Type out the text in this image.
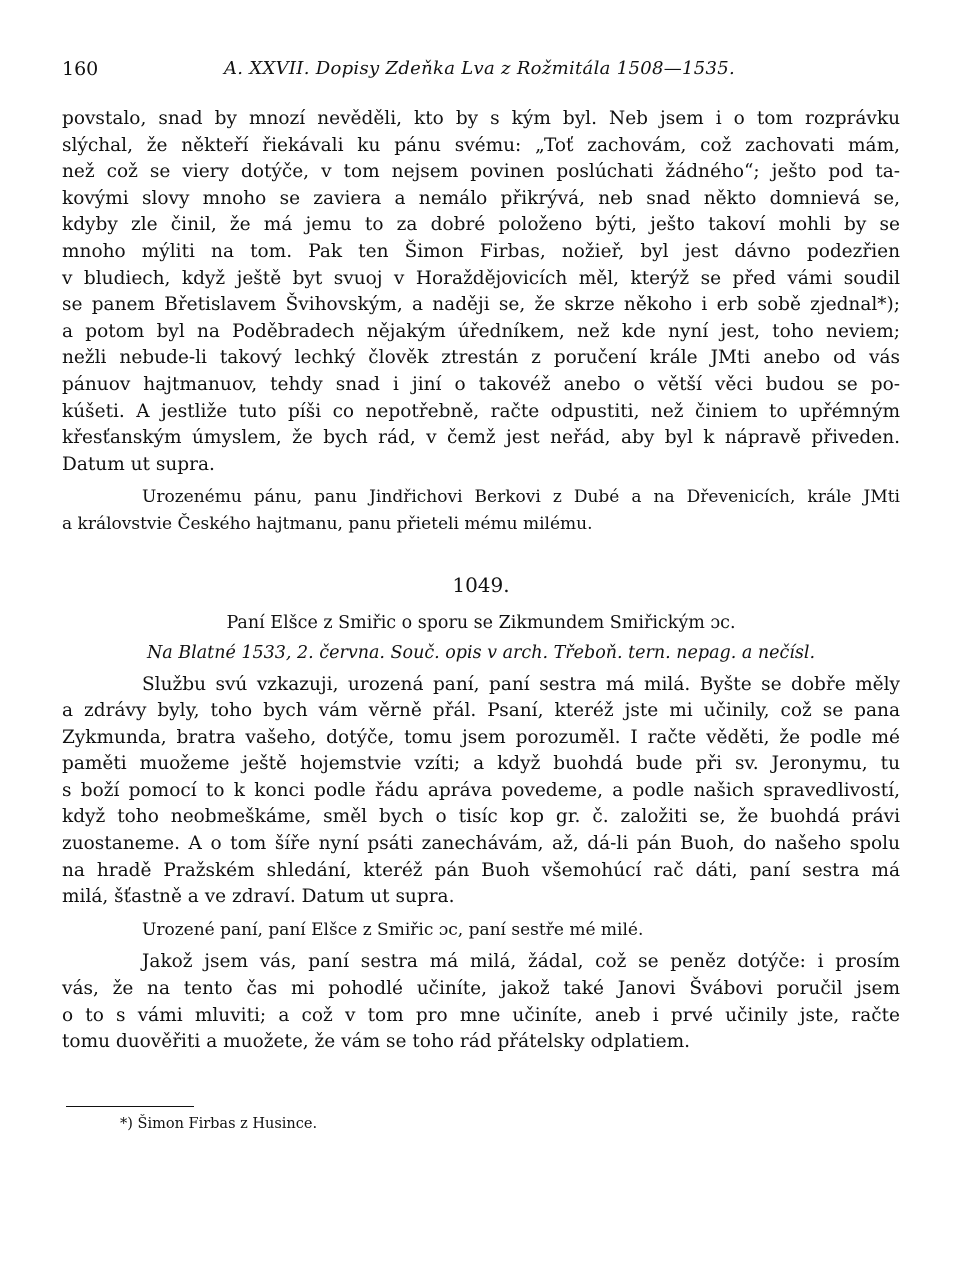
160	A. XXVII. Dopisy Zdeňka Lva z Rožmitála 1508—1535.
povstalo, snad by mnozí nevěděli, kto by s kým byl. Neb jsem i o tom rozprávku
slýchal, že někteří řiekávali ku pánu svému: „Toť zachovám, což zachovati mám,
než což se viery dotýče, v tom nejsem povinen poslúchati žádného“; ješto pod ta-
kovými slovy mnoho se zaviera a nemálo přikrývá, neb snad někto domnievá se,
kdyby zle činil, že má jemu to za dobré položeno býti, ješto takoví mohli by se
mnoho mýliti na tom. Pak ten Šimon Firbas, nožieř, byl jest dávno podezřien
v bludiech, když ještě byt svuoj v Horaždějovicích měl, kterýž se před vámi soudil
se panem Břetislavem Švihovským, a naději se, že skrze někoho i erb sobě zjednal*);
a potom byl na Poděbradech nějakým úředníkem, než kde nyní jest, toho neviem;
nežli nebude-li takový lechký člověk ztrestán z poručení krále JMti anebo od vás
pánuov hajtmanuov, tehdy snad i jiní o takovéž anebo o větší věci budou se po-
kúšeti. A jestliže tuto píši co nepotřebně, račte odpustiti, než činiem to upřémným
křesťanským úmyslem, že bych rád, v čemž jest neřád, aby byl k nápravě přiveden.
Datum ut supra.
Urozenému pánu, panu Jindřichovi Berkovi z Dubé a na Dřevenicích, krále JMti
a královstvie Českého hajtmanu, panu přieteli mému milému.
1049.
Paní Elšce z Smiřic o sporu se Zikmundem Smiřickým ɔc.
Na Blatné 1533, 2. června. Souč. opis v arch. Třeboň. tern. nepag. a nečísl.
Službu svú vzkazuji, urozená paní, paní sestra má milá. Byšte se dobře měly
a zdrávy byly, toho bych vám věrně přál. Psaní, kteréž jste mi učinily, což se pana
Zykmunda, bratra vašeho, dotýče, tomu jsem porozuměl. I račte věděti, že podle mé
paměti muožeme ještě hojemstvie vzíti; a když buohdá bude při sv. Jeronymu, tu
s boží pomocí to k konci podle řádu apráva povedeme, a podle našich spravedlivostí,
když toho neobmeškáme, směl bych o tisíc kop gr. č. založiti se, že buohdá právi
zuostaneme. A o tom šíře nyní psáti zanechávám, až, dá-li pán Buoh, do našeho spolu
na hradě Pražském shledání, kteréž pán Buoh všemohúcí rač dáti, paní sestra má
milá, šťastně a ve zdraví. Datum ut supra.
Urozené paní, paní Elšce z Smiřic ɔc, paní sestře mé milé.
Jakož jsem vás, paní sestra má milá, žádal, což se peněz dotýče: i prosím
vás, že na tento čas mi pohodlé učiníte, jakož také Janovi Švábovi poručil jsem
o to s vámi mluviti; a což v tom pro mne učiníte, aneb i prvé učinily jste, račte
tomu duověřiti a muožete, že vám se toho rád přátelsky odplatiem.
*) Šimon Firbas z Husince.
